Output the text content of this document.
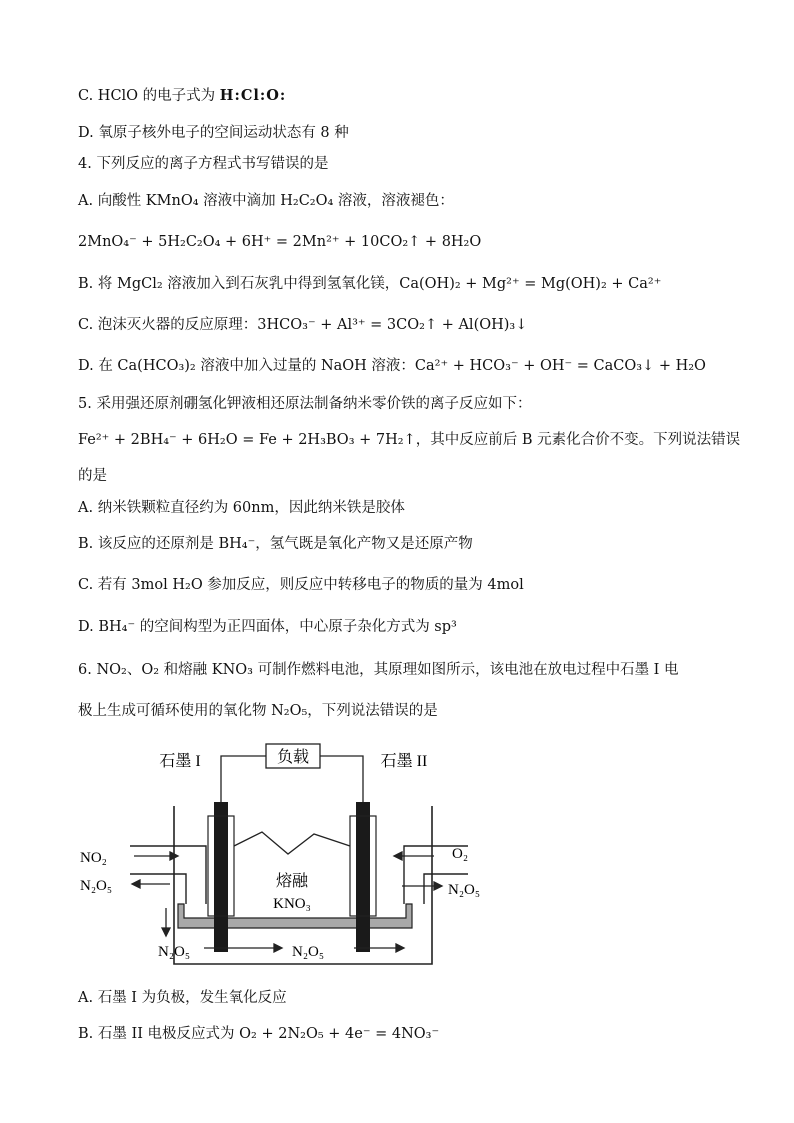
C. HClO 的电子式为 H:Cl:O:
D. 氧原子核外电子的空间运动状态有 8 种
4. 下列反应的离子方程式书写错误的是
A. 向酸性 KMnO₄ 溶液中滴加 H₂C₂O₄ 溶液，溶液褪色：
2MnO₄⁻ + 5H₂C₂O₄ + 6H⁺ = 2Mn²⁺ + 10CO₂↑ + 8H₂O
B. 将 MgCl₂ 溶液加入到石灰乳中得到氢氧化镁，Ca(OH)₂ + Mg²⁺ = Mg(OH)₂ + Ca²⁺
C. 泡沫灭火器的反应原理：3HCO₃⁻ + Al³⁺ = 3CO₂↑ + Al(OH)₃↓
D. 在 Ca(HCO₃)₂ 溶液中加入过量的 NaOH 溶液：Ca²⁺ + HCO₃⁻ + OH⁻ = CaCO₃↓ + H₂O
5. 采用强还原剂硼氢化钾液相还原法制备纳米零价铁的离子反应如下：
Fe²⁺ + 2BH₄⁻ + 6H₂O = Fe + 2H₃BO₃ + 7H₂↑，其中反应前后 B 元素化合价不变。下列说法错误
的是
A. 纳米铁颗粒直径约为 60nm，因此纳米铁是胶体
B. 该反应的还原剂是 BH₄⁻，氢气既是氧化产物又是还原产物
C. 若有 3mol H₂O 参加反应，则反应中转移电子的物质的量为 4mol
D. BH₄⁻ 的空间构型为正四面体，中心原子杂化方式为 sp³
6. NO₂、O₂ 和熔融 KNO₃ 可制作燃料电池，其原理如图所示，该电池在放电过程中石墨 I 电
极上生成可循环使用的氧化物 N₂O₅，下列说法错误的是
负载
石墨 I	石墨 II
熔融
KNO₃
NO₂
N₂O₅
O₂
N₂O₅
N₂O₅	N₂O₅
A. 石墨 I 为负极，发生氧化反应
B. 石墨 II 电极反应式为 O₂ + 2N₂O₅ + 4e⁻ = 4NO₃⁻
